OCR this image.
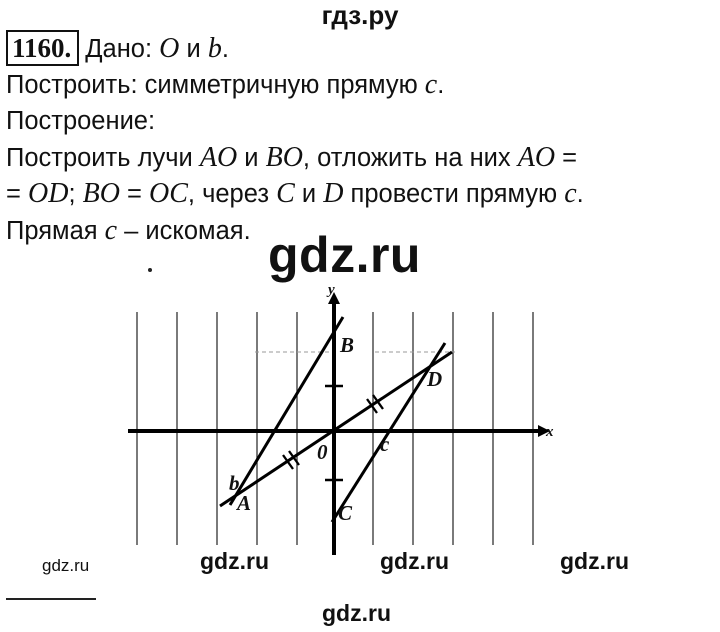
гдз.ру
1160. Дано: O и b.
Построить: симметричную прямую c.
Построение:
Построить лучи AO и BO, отложить на них AO =
= OD; BO = OC, через C и D провести прямую c.
Прямая c – искомая. gdz.ru
y
x
0
B
D
A	C
b
c
gdz.ru	gdz.ru	gdz.ru	gdz.ru
gdz.ru
